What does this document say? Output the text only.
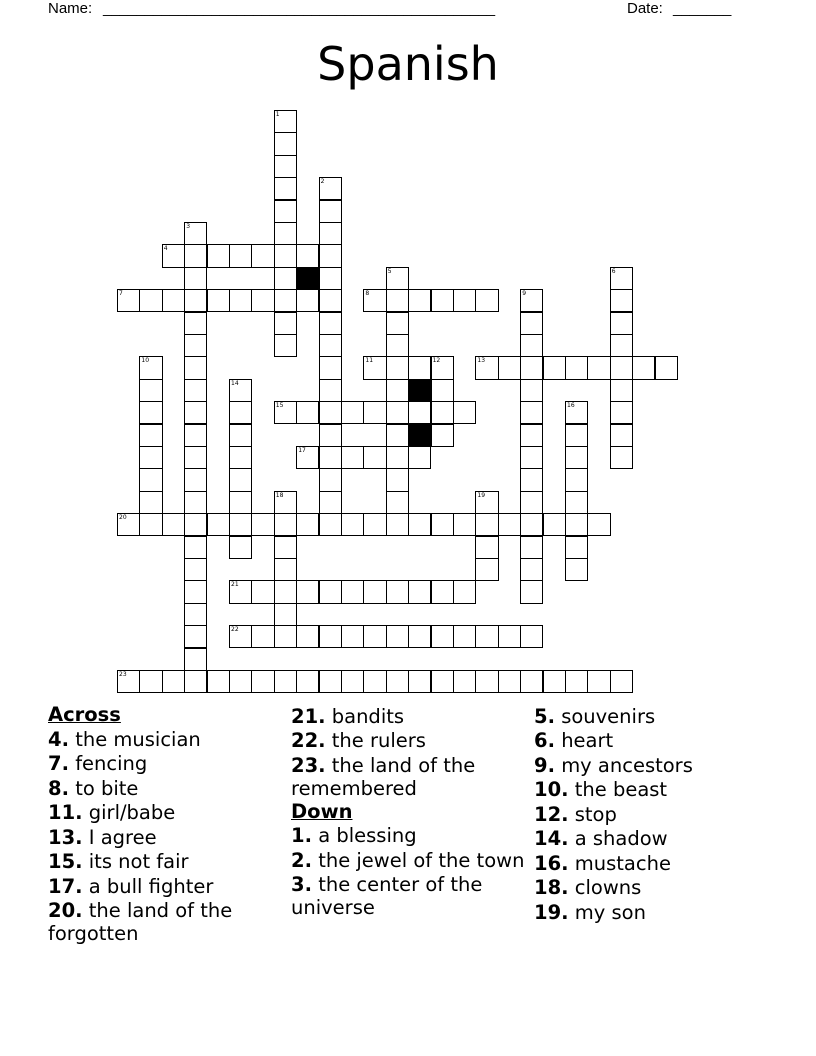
Name: _______________________________________________	Date: _______
Spanish
1
2
3
4
5	6
7	8	9
10	11	12	13
14
15	16
17
18	19
20
21
22
23
Across
4. the musician
7. fencing
8. to bite
11. girl/babe
13. I agree
15. its not fair
17. a bull fighter
20. the land of the forgotten
21. bandits
22. the rulers
23. the land of the remembered
Down
1. a blessing
2. the jewel of the town
3. the center of the universe
5. souvenirs
6. heart
9. my ancestors
10. the beast
12. stop
14. a shadow
16. mustache
18. clowns
19. my son
